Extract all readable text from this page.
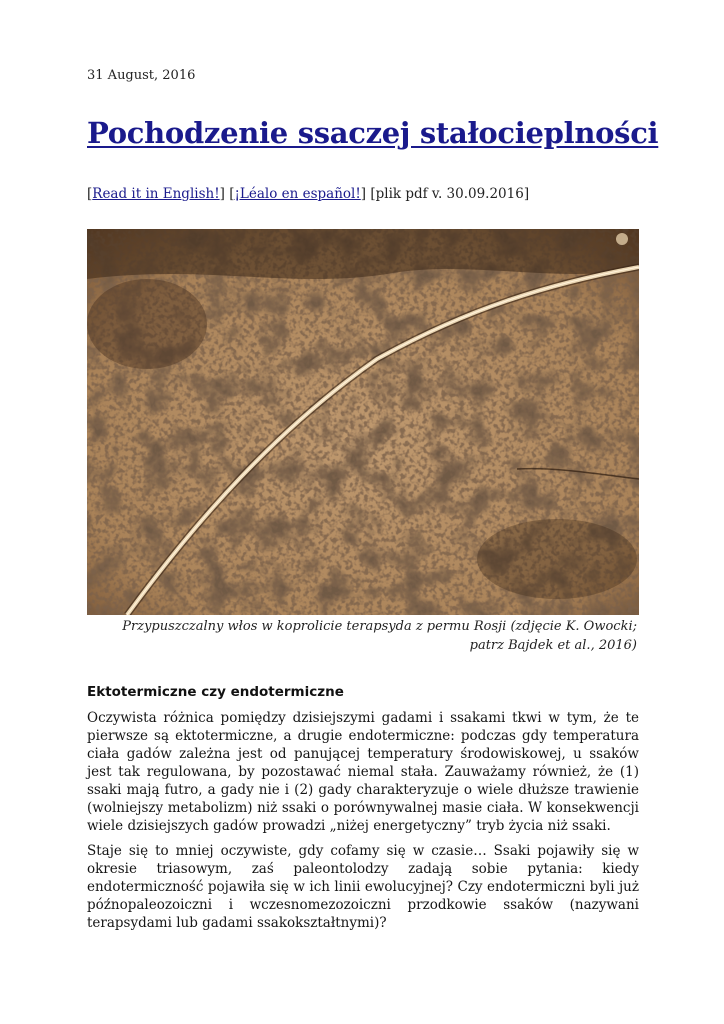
31 August, 2016
Pochodzenie ssaczej stałocieplności
[Read it in English!] [¡Léalo en español!] [plik pdf v. 30.09.2016]
Przypuszczalny włos w koprolicie terapsyda z permu Rosji (zdjęcie K. Owocki; patrz Bajdek et al., 2016)
Ektotermiczne czy endotermiczne

Oczywista różnica pomiędzy dzisiejszymi gadami i ssakami tkwi w tym, że te pierwsze są ektotermiczne, a drugie endotermiczne: podczas gdy temperatura ciała gadów zależna jest od panującej temperatury środowiskowej, u ssaków jest tak regulowana, by pozostawać niemal stała. Zauważamy również, że (1) ssaki mają futro, a gady nie i (2) gady charakteryzuje o wiele dłuższe trawienie (wolniejszy metabolizm) niż ssaki o porównywalnej masie ciała. W konsekwencji wiele dzisiejszych gadów prowadzi „niżej energetyczny” tryb życia niż ssaki.

Staje się to mniej oczywiste, gdy cofamy się w czasie… Ssaki pojawiły się w okresie triasowym, zaś paleontolodzy zadają sobie pytania: kiedy endotermiczność pojawiła się w ich linii ewolucyjnej? Czy endotermiczni byli już późnopaleozoiczni i wczesnomezozoiczni przodkowie ssaków (nazywani terapsydami lub gadami ssakokształtnymi)?
